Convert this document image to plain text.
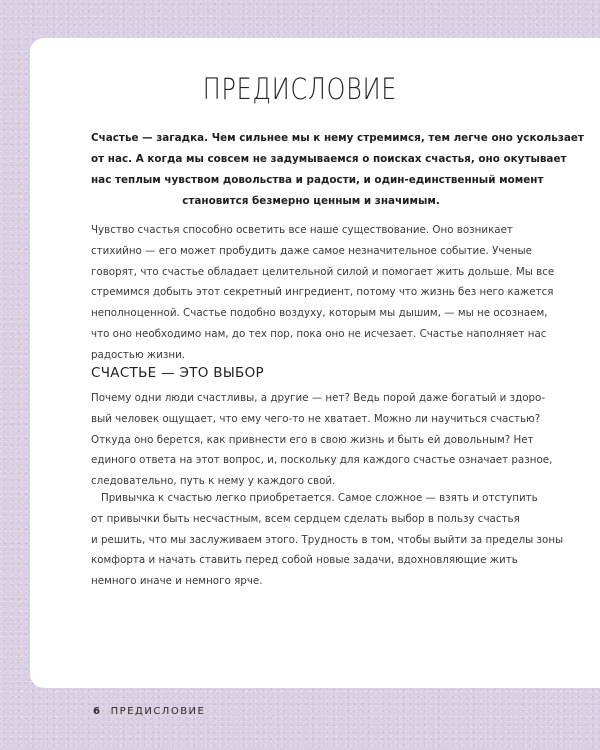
ПРЕДИСЛОВИЕ
Счастье — загадка. Чем сильнее мы к нему стремимся, тем легче оно ускользает
от нас. А когда мы совсем не задумываемся о поисках счастья, оно окутывает
нас теплым чувством довольства и радости, и один-единственный момент
становится безмерно ценным и значимым.
Чувство счастья способно осветить все наше существование. Оно возникает
стихийно — его может пробудить даже самое незначительное событие. Ученые
говорят, что счастье обладает целительной силой и помогает жить дольше. Мы все
стремимся добыть этот секретный ингредиент, потому что жизнь без него кажется
неполноценной. Счастье подобно воздуху, которым мы дышим, — мы не осознаем,
что оно необходимо нам, до тех пор, пока оно не исчезает. Счастье наполняет нас
радостью жизни.
СЧАСТЬЕ — ЭТО ВЫБОР
Почему одни люди счастливы, а другие — нет? Ведь порой даже богатый и здоро-
вый человек ощущает, что ему чего-то не хватает. Можно ли научиться счастью?
Откуда оно берется, как привнести его в свою жизнь и быть ей довольным? Нет
единого ответа на этот вопрос, и, поскольку для каждого счастье означает разное,
следовательно, путь к нему у каждого свой.
Привычка к счастью легко приобретается. Самое сложное — взять и отступить
от привычки быть несчастным, всем сердцем сделать выбор в пользу счастья
и решить, что мы заслуживаем этого. Трудность в том, чтобы выйти за пределы зоны
комфорта и начать ставить перед собой новые задачи, вдохновляющие жить
немного иначе и немного ярче.
6 ПРЕДИСЛОВИЕ
